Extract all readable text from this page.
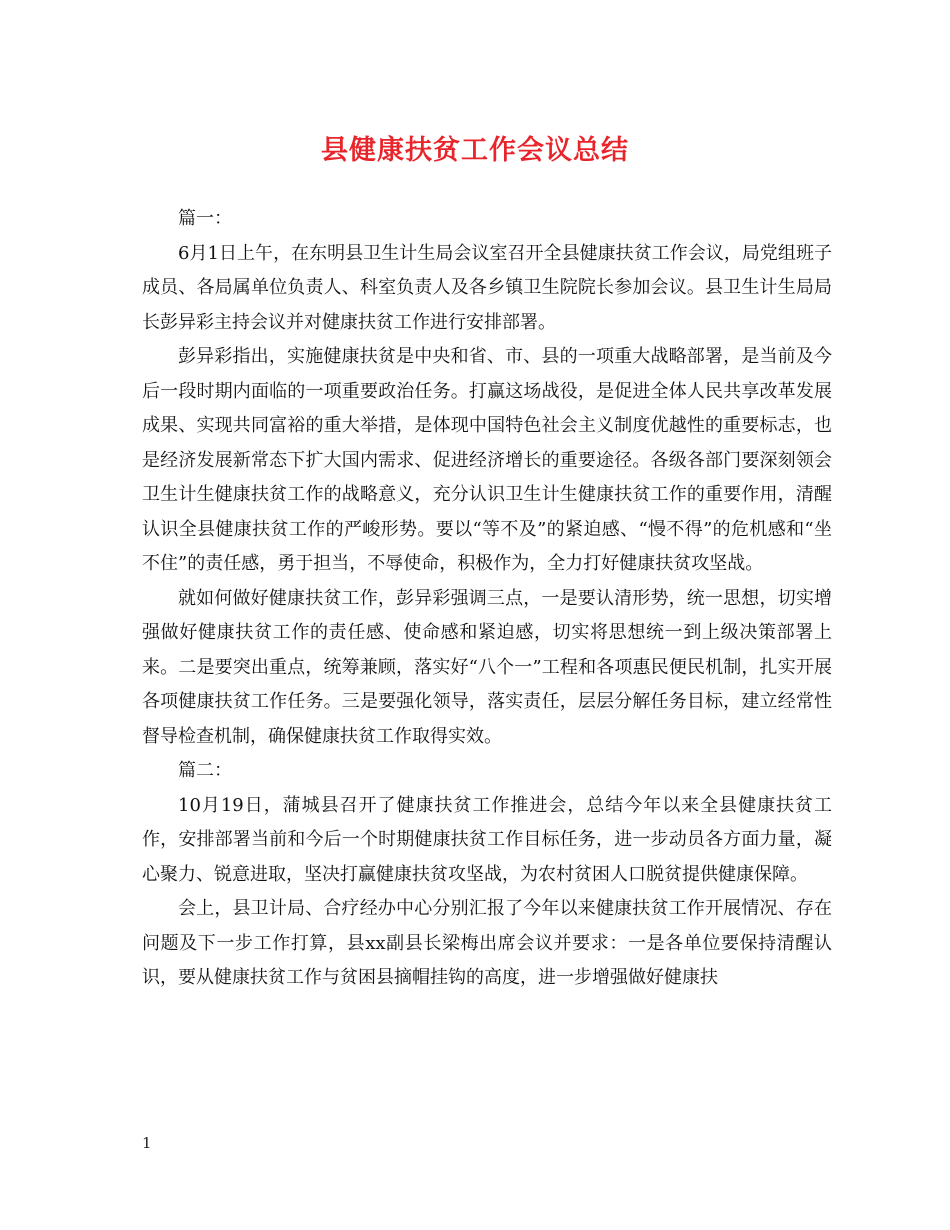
县健康扶贫工作会议总结

篇一：

6月1日上午，在东明县卫生计生局会议室召开全县健康扶贫工作会议，局党组班子成员、各局属单位负责人、科室负责人及各乡镇卫生院院长参加会议。县卫生计生局局长彭异彩主持会议并对健康扶贫工作进行安排部署。

彭异彩指出，实施健康扶贫是中央和省、市、县的一项重大战略部署，是当前及今后一段时期内面临的一项重要政治任务。打赢这场战役，是促进全体人民共享改革发展成果、实现共同富裕的重大举措，是体现中国特色社会主义制度优越性的重要标志，也是经济发展新常态下扩大国内需求、促进经济增长的重要途径。各级各部门要深刻领会卫生计生健康扶贫工作的战略意义，充分认识卫生计生健康扶贫工作的重要作用，清醒认识全县健康扶贫工作的严峻形势。要以“等不及”的紧迫感、“慢不得”的危机感和“坐不住”的责任感，勇于担当，不辱使命，积极作为，全力打好健康扶贫攻坚战。

就如何做好健康扶贫工作，彭异彩强调三点，一是要认清形势，统一思想，切实增强做好健康扶贫工作的责任感、使命感和紧迫感，切实将思想统一到上级决策部署上来。二是要突出重点，统筹兼顾，落实好“八个一”工程和各项惠民便民机制，扎实开展各项健康扶贫工作任务。三是要强化领导，落实责任，层层分解任务目标，建立经常性督导检查机制，确保健康扶贫工作取得实效。

篇二：

10月19日，蒲城县召开了健康扶贫工作推进会，总结今年以来全县健康扶贫工作，安排部署当前和今后一个时期健康扶贫工作目标任务，进一步动员各方面力量，凝心聚力、锐意进取，坚决打赢健康扶贫攻坚战，为农村贫困人口脱贫提供健康保障。

会上，县卫计局、合疗经办中心分别汇报了今年以来健康扶贫工作开展情况、存在问题及下一步工作打算，县xx副县长梁梅出席会议并要求：一是各单位要保持清醒认识，要从健康扶贫工作与贫困县摘帽挂钩的高度，进一步增强做好健康扶

1
